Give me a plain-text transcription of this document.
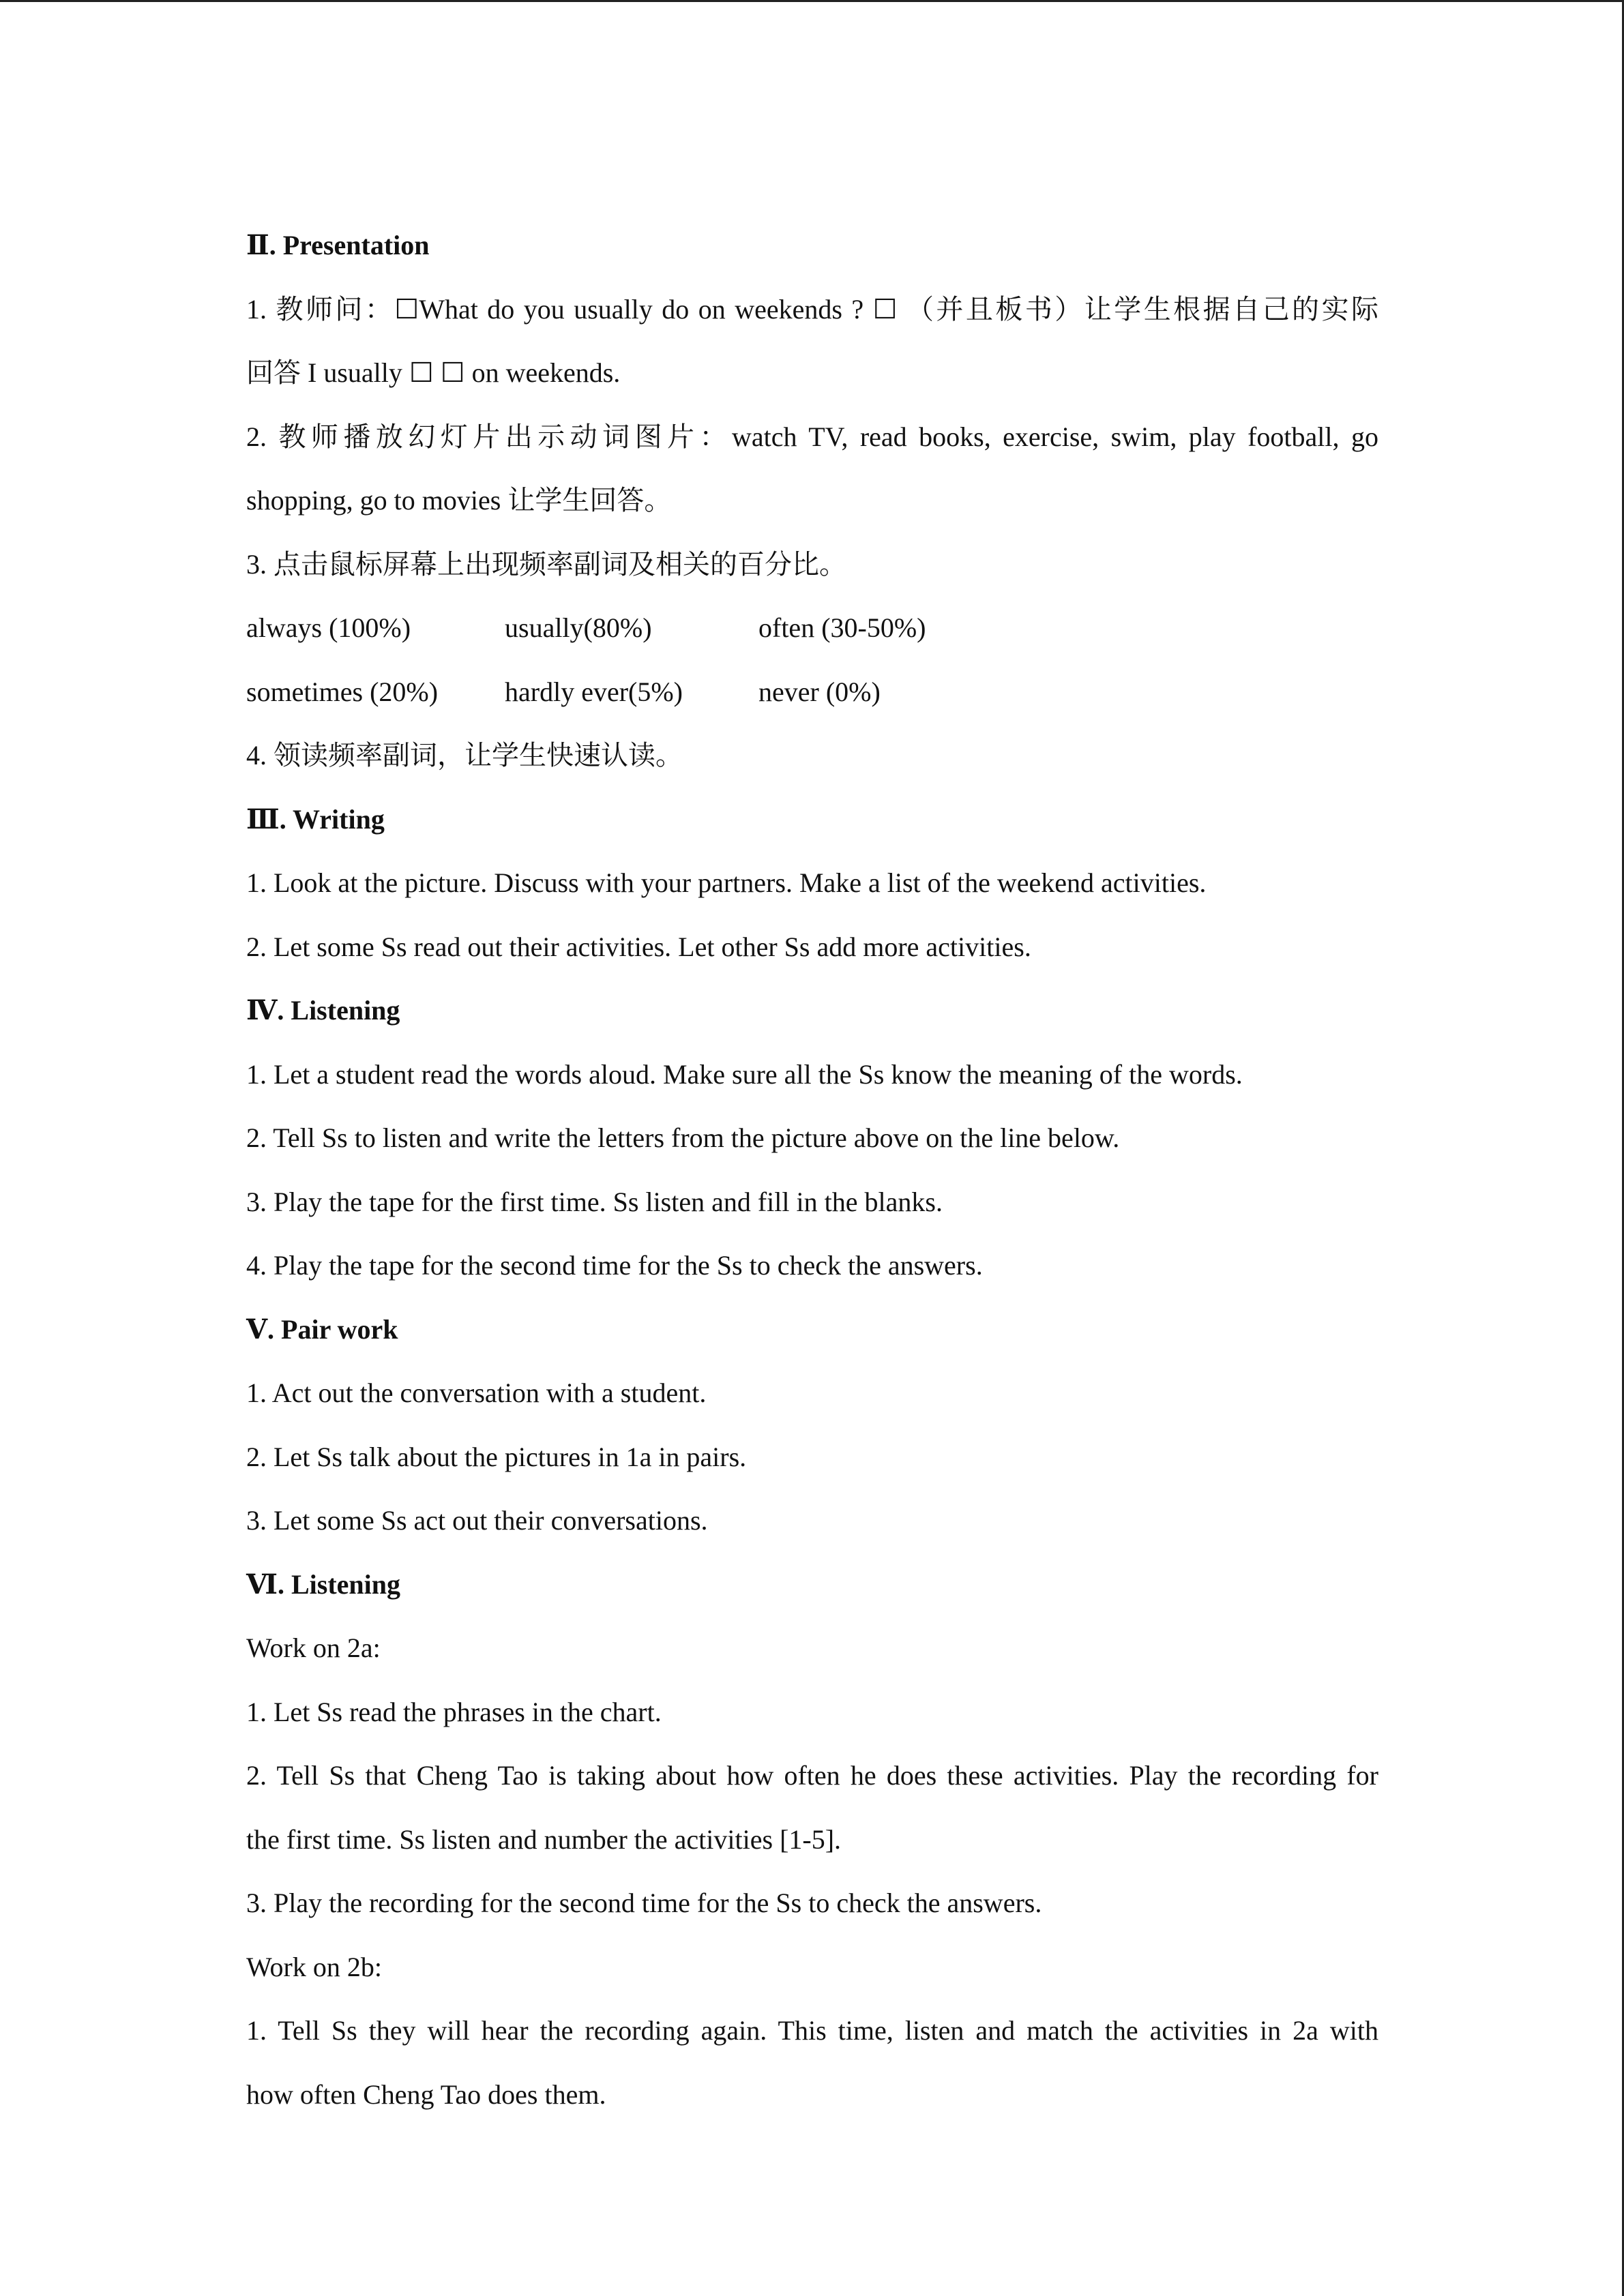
Ⅱ. Presentation
1. 教师问：☐What do you usually do on weekends ? ☐ （并且板书）让学生根据自己的实际
回答 I usually ☐ ☐ on weekends.
2. 教师播放幻灯片出示动词图片：watch TV, read books, exercise, swim, play football, go
shopping, go to movies 让学生回答。
3. 点击鼠标屏幕上出现频率副词及相关的百分比。
always (100%)	usually(80%)	often (30-50%)
sometimes (20%)	hardly ever(5%)	never (0%)
4. 领读频率副词，让学生快速认读。
Ⅲ. Writing
1. Look at the picture. Discuss with your partners. Make a list of the weekend activities.
2. Let some Ss read out their activities. Let other Ss add more activities.
Ⅳ. Listening
1. Let a student read the words aloud. Make sure all the Ss know the meaning of the words.
2. Tell Ss to listen and write the letters from the picture above on the line below.
3. Play the tape for the first time. Ss listen and fill in the blanks.
4. Play the tape for the second time for the Ss to check the answers.
Ⅴ. Pair work
1. Act out the conversation with a student.
2. Let Ss talk about the pictures in 1a in pairs.
3. Let some Ss act out their conversations.
Ⅵ. Listening
Work on 2a:
1. Let Ss read the phrases in the chart.
2. Tell Ss that Cheng Tao is taking about how often he does these activities. Play the recording for
the first time. Ss listen and number the activities [1-5].
3. Play the recording for the second time for the Ss to check the answers.
Work on 2b:
1. Tell Ss they will hear the recording again. This time, listen and match the activities in 2a with
how often Cheng Tao does them.
